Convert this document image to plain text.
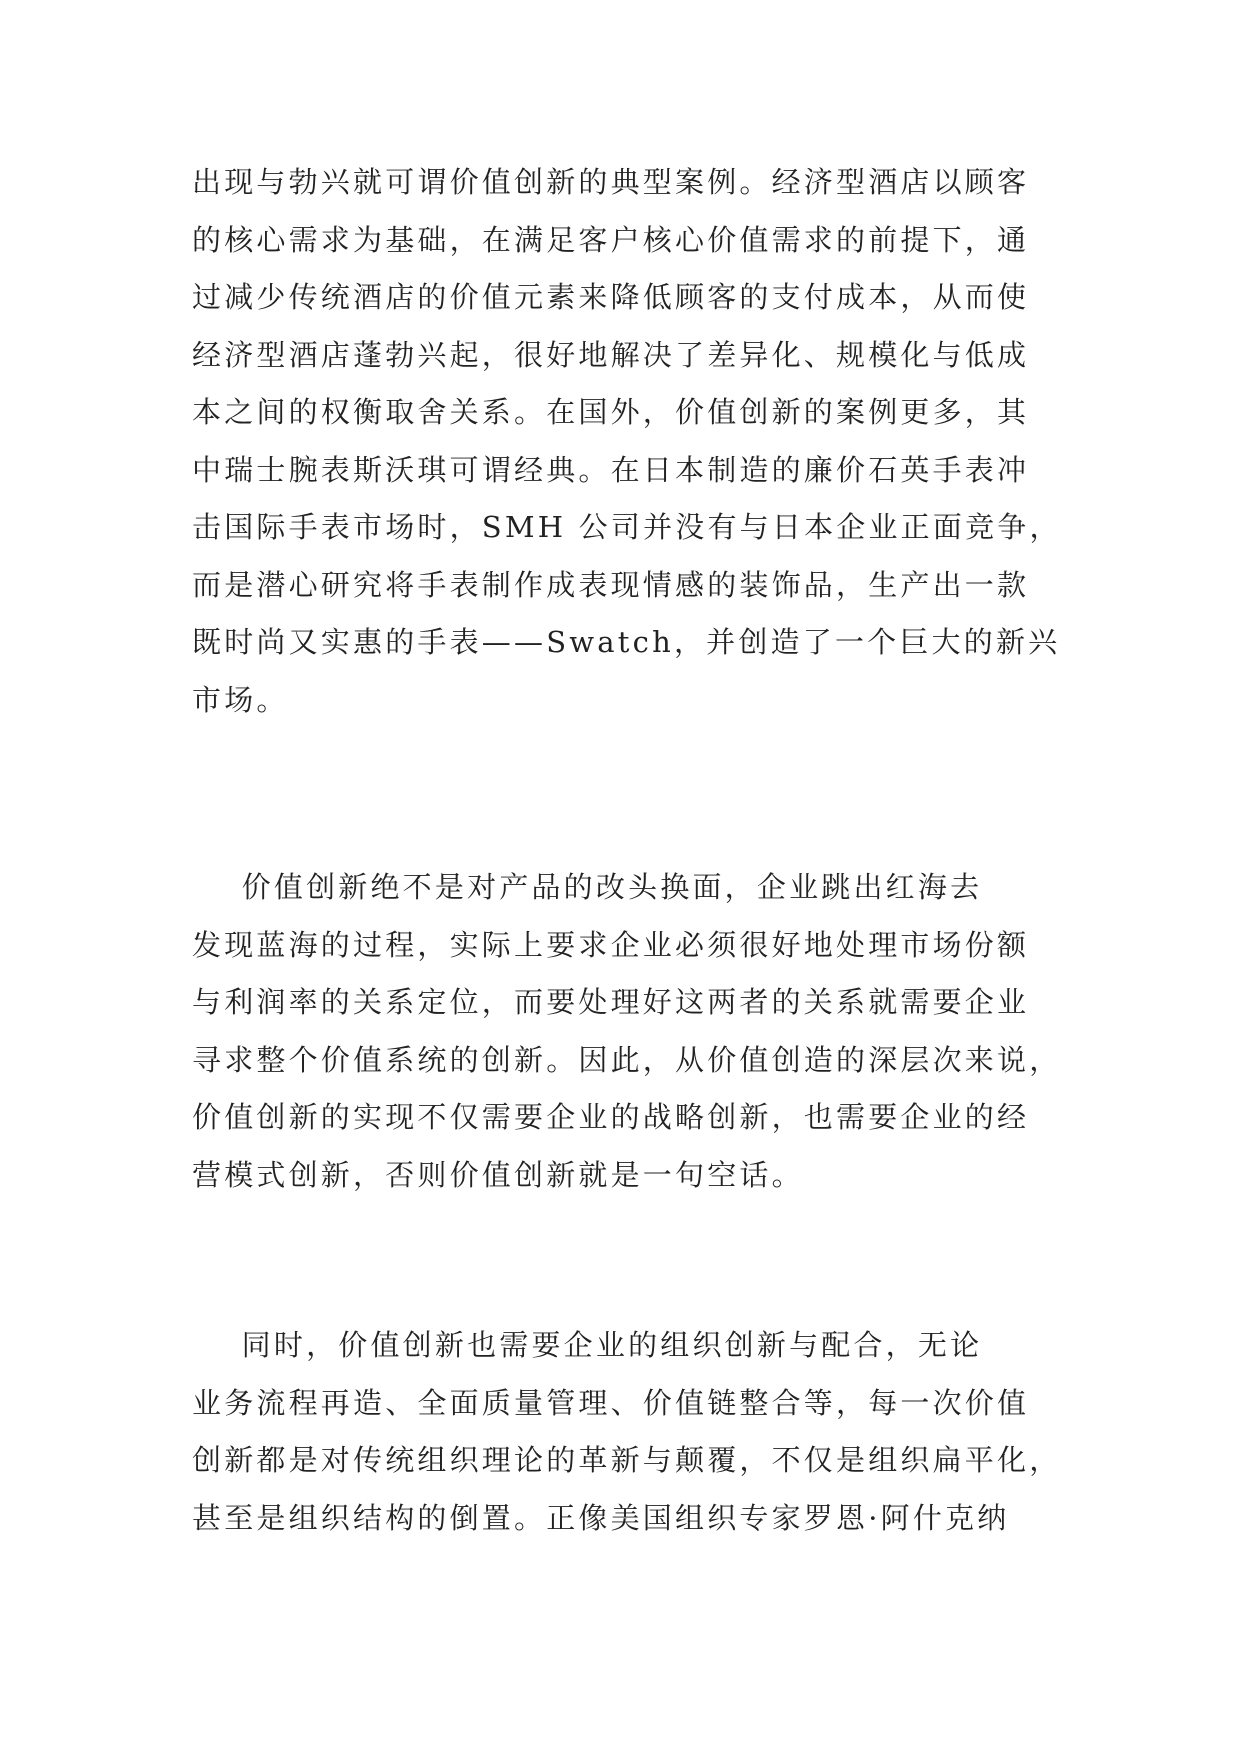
出现与勃兴就可谓价值创新的典型案例。经济型酒店以顾客
的核心需求为基础，在满足客户核心价值需求的前提下，通
过减少传统酒店的价值元素来降低顾客的支付成本，从而使
经济型酒店蓬勃兴起，很好地解决了差异化、规模化与低成
本之间的权衡取舍关系。在国外，价值创新的案例更多，其
中瑞士腕表斯沃琪可谓经典。在日本制造的廉价石英手表冲
击国际手表市场时，SMH 公司并没有与日本企业正面竞争，
而是潜心研究将手表制作成表现情感的装饰品，生产出一款
既时尚又实惠的手表——Swatch，并创造了一个巨大的新兴
市场。

价值创新绝不是对产品的改头换面，企业跳出红海去
发现蓝海的过程，实际上要求企业必须很好地处理市场份额
与利润率的关系定位，而要处理好这两者的关系就需要企业
寻求整个价值系统的创新。因此，从价值创造的深层次来说，
价值创新的实现不仅需要企业的战略创新，也需要企业的经
营模式创新，否则价值创新就是一句空话。

同时，价值创新也需要企业的组织创新与配合，无论
业务流程再造、全面质量管理、价值链整合等，每一次价值
创新都是对传统组织理论的革新与颠覆，不仅是组织扁平化，
甚至是组织结构的倒置。正像美国组织专家罗恩·阿什克纳
